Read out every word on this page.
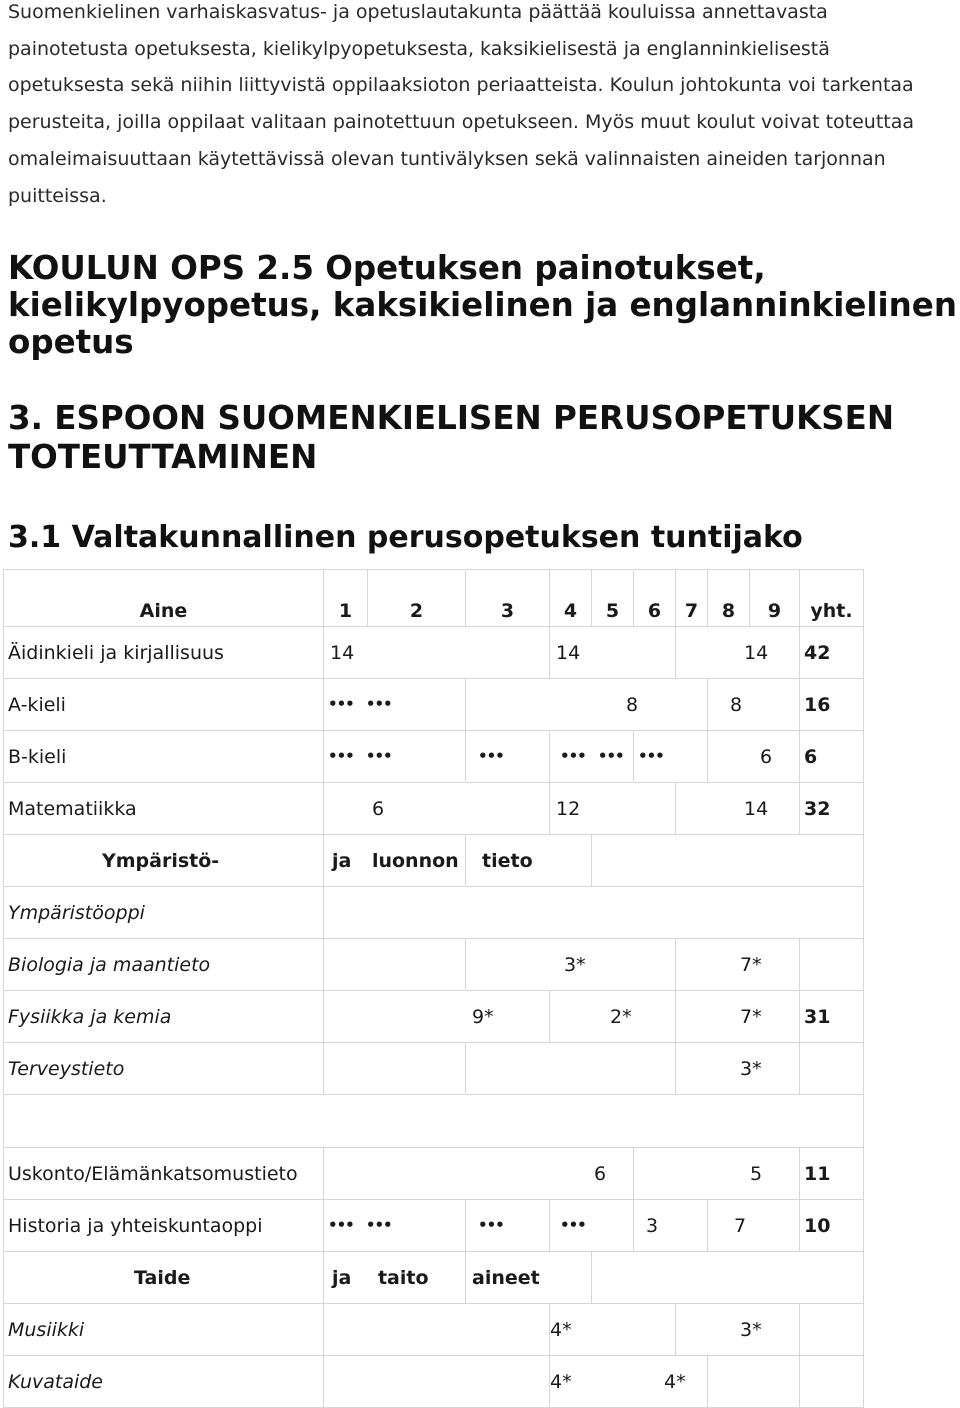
Suomenkielinen varhaiskasvatus- ja opetuslautakunta päättää kouluissa annettavasta
painotetusta opetuksesta, kielikylpyopetuksesta, kaksikielisestä ja englanninkielisestä
opetuksesta sekä niihin liittyvistä oppilaaksioton periaatteista. Koulun johtokunta voi tarkentaa
perusteita, joilla oppilaat valitaan painotettuun opetukseen. Myös muut koulut voivat toteuttaa
omaleimaisuuttaan käytettävissä olevan tuntivälyksen sekä valinnaisten aineiden tarjonnan
puitteissa.
KOULUN OPS 2.5 Opetuksen painotukset,
kielikylpyopetus, kaksikielinen ja englanninkielinen
opetus
3. ESPOON SUOMENKIELISEN PERUSOPETUKSEN
TOTEUTTAMINEN
3.1 Valtakunnallinen perusopetuksen tuntijako
Aine	1	2	3	4	5	6	7	8	9	yht.
Äidinkieli ja kirjallisuus	14			14			14			42
A-kieli	••• •••		8					8		16
B-kieli	••• •••		•••	••• •••		•••		6		6
Matematiikka	6			12			14			32
Ympäristö-	ja luonnon		tieto							
Ympäristöoppi										
Biologia ja maantieto			3*				7*			
Fysiikka ja kemia	9*			2*			7*			31
Terveystieto							3*			

Uskonto/Elämänkatsomustieto	6					5				11
Historia ja yhteiskuntaoppi	••• •••		•••	•••		3		7		10
Taide	ja taito		aineet							
Musiikki	4*						3*			
Kuvataide	4*			4*						
